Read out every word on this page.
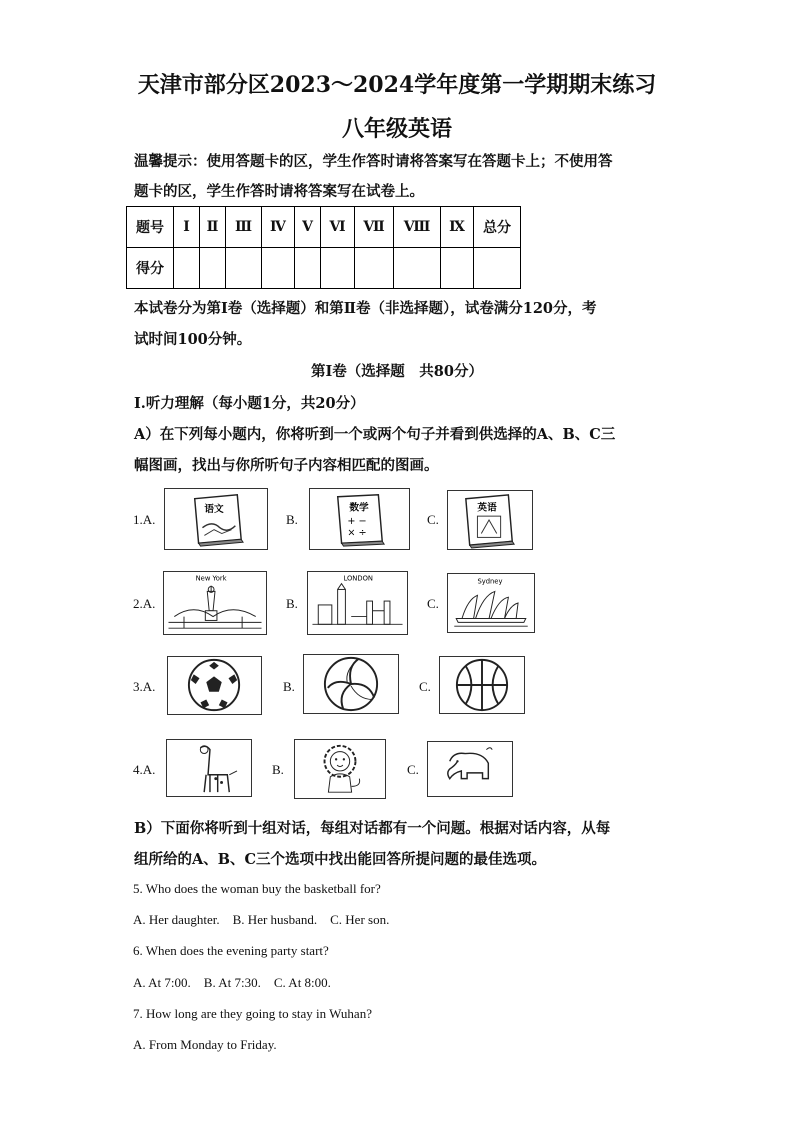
天津市部分区2023～2024学年度第一学期期末练习
八年级英语
温馨提示：使用答题卡的区，学生作答时请将答案写在答题卡上；不使用答
题卡的区，学生作答时请将答案写在试卷上。
题号	Ⅰ	Ⅱ	Ⅲ	Ⅳ	Ⅴ	Ⅵ	Ⅶ	Ⅷ	Ⅸ	总分
得分										
本试卷分为第Ⅰ卷（选择题）和第Ⅱ卷（非选择题），试卷满分120分，考
试时间100分钟。
第Ⅰ卷（选择题　共80分）
Ⅰ.听力理解（每小题1分，共20分）
A）在下列每小题内，你将听到一个或两个句子并看到供选择的A、B、C三
幅图画，找出与你所听句子内容相匹配的图画。
1.A.
语文
B.
数学
+ −
× ÷
C.
英语
2.A.
New York
B.
LONDON
C.
Sydney
3.A.	B.	C.
4.A.	B.	C.
B）下面你将听到十组对话，每组对话都有一个问题。根据对话内容，从每
组所给的A、B、C三个选项中找出能回答所提问题的最佳选项。
5. Who does the woman buy the basketball for?
A. Her daughter.    B. Her husband.    C. Her son.
6. When does the evening party start?
A. At 7:00.    B. At 7:30.    C. At 8:00.
7. How long are they going to stay in Wuhan?
A. From Monday to Friday.
